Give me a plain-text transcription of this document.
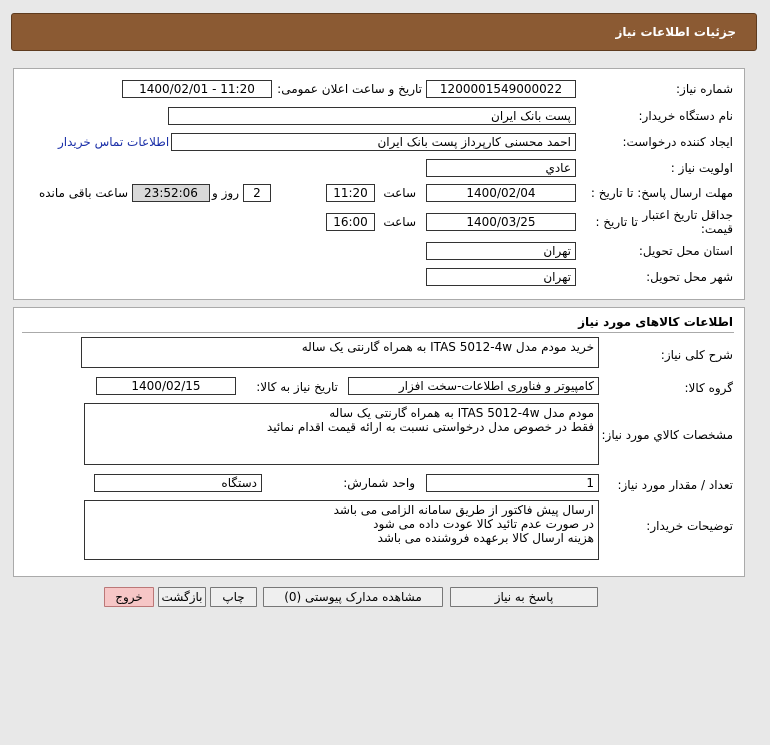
جزئیات اطلاعات نیاز
شماره نیاز:
1200001549000022
تاریخ و ساعت اعلان عمومی:
1400/02/01 - 11:20
نام دستگاه خریدار:
پست بانک ایران
ایجاد کننده درخواست:
احمد محسنی کارپرداز پست بانک ایران
اطلاعات تماس خریدار
اولویت نیاز :
عادي
مهلت ارسال پاسخ: تا تاریخ :
1400/02/04
ساعت
11:20
2
روز و
23:52:06
ساعت باقی مانده
جداقل تاریخ اعتبار قیمت:
تا تاریخ :
1400/03/25
ساعت
16:00
استان محل تحویل:
تهران
شهر محل تحویل:
تهران
اطلاعات کالاهای مورد نیاز
شرح کلی نیاز:
خرید مودم مدل ITAS 5012-4w به همراه گارنتی یک ساله
گروه کالا:
کامپیوتر و فناوری اطلاعات-سخت افزار
تاریخ نیاز به کالا:
1400/02/15
مشخصات کالاي مورد نیاز:
مودم مدل ITAS 5012-4w به همراه گارنتی یک ساله
فقط در خصوص مدل درخواستی نسبت به ارائه قیمت اقدام نمائید
تعداد / مقدار مورد نیاز:
1
واحد شمارش:
دستگاه
توضیحات خریدار:
ارسال پیش فاکتور از طریق سامانه الزامی می باشد
در صورت عدم تائید کالا عودت داده می شود
هزینه ارسال کالا برعهده فروشنده می باشد
پاسخ به نیاز
مشاهده مدارک پیوستی (0)
چاپ
بازگشت
خروج
